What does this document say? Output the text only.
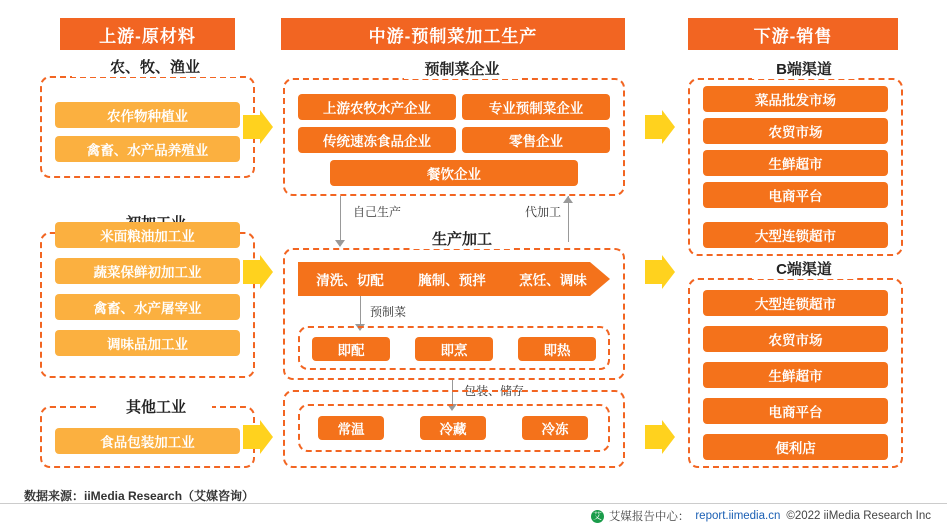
上游-原材料
农、牧、渔业
农作物种植业
禽畜、水产品养殖业
米面粮油加工业
蔬菜保鲜初加工业
禽畜、水产屠宰业
调味品加工业
其他工业
食品包装加工业
中游-预制菜加工生产
预制菜企业
上游农牧水产企业	专业预制菜企业
传统速冻食品企业	零售企业
餐饮企业
自己生产	代加工
生产加工
清洗、切配	腌制、预拌	烹饪、调味
预制菜
即配	即烹	即热
包装、储存
常温	冷藏	冷冻
下游-销售
B端渠道
菜品批发市场
农贸市场
生鲜超市
电商平台
大型连锁超市
C端渠道
大型连锁超市
农贸市场
生鲜超市
电商平台
便利店
数据来源：iiMedia Research（艾媒咨询）
艾 艾媒报告中心： report.iimedia.cn ©2022 iiMedia Research Inc
